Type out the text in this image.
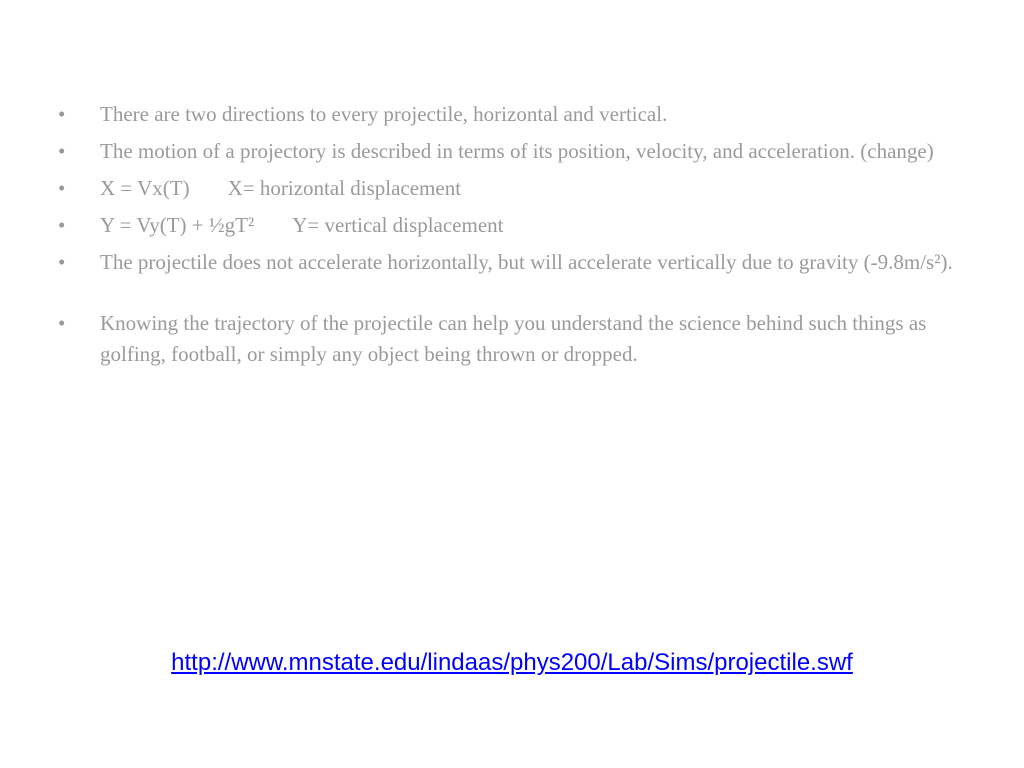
•	There are two directions to every projectile, horizontal and vertical.
•	The motion of a projectory is described in terms of its position, velocity, and acceleration. (change)
•	X = Vx(T) X= horizontal displacement
•	Y = Vy(T) + ½gT² Y= vertical displacement
•	The projectile does not accelerate horizontally, but will accelerate vertically due to gravity (-9.8m/s²).
•	Knowing the trajectory of the projectile can help you understand the science behind such things as golfing, football, or simply any object being thrown or dropped.
http://www.mnstate.edu/lindaas/phys200/Lab/Sims/projectile.swf
